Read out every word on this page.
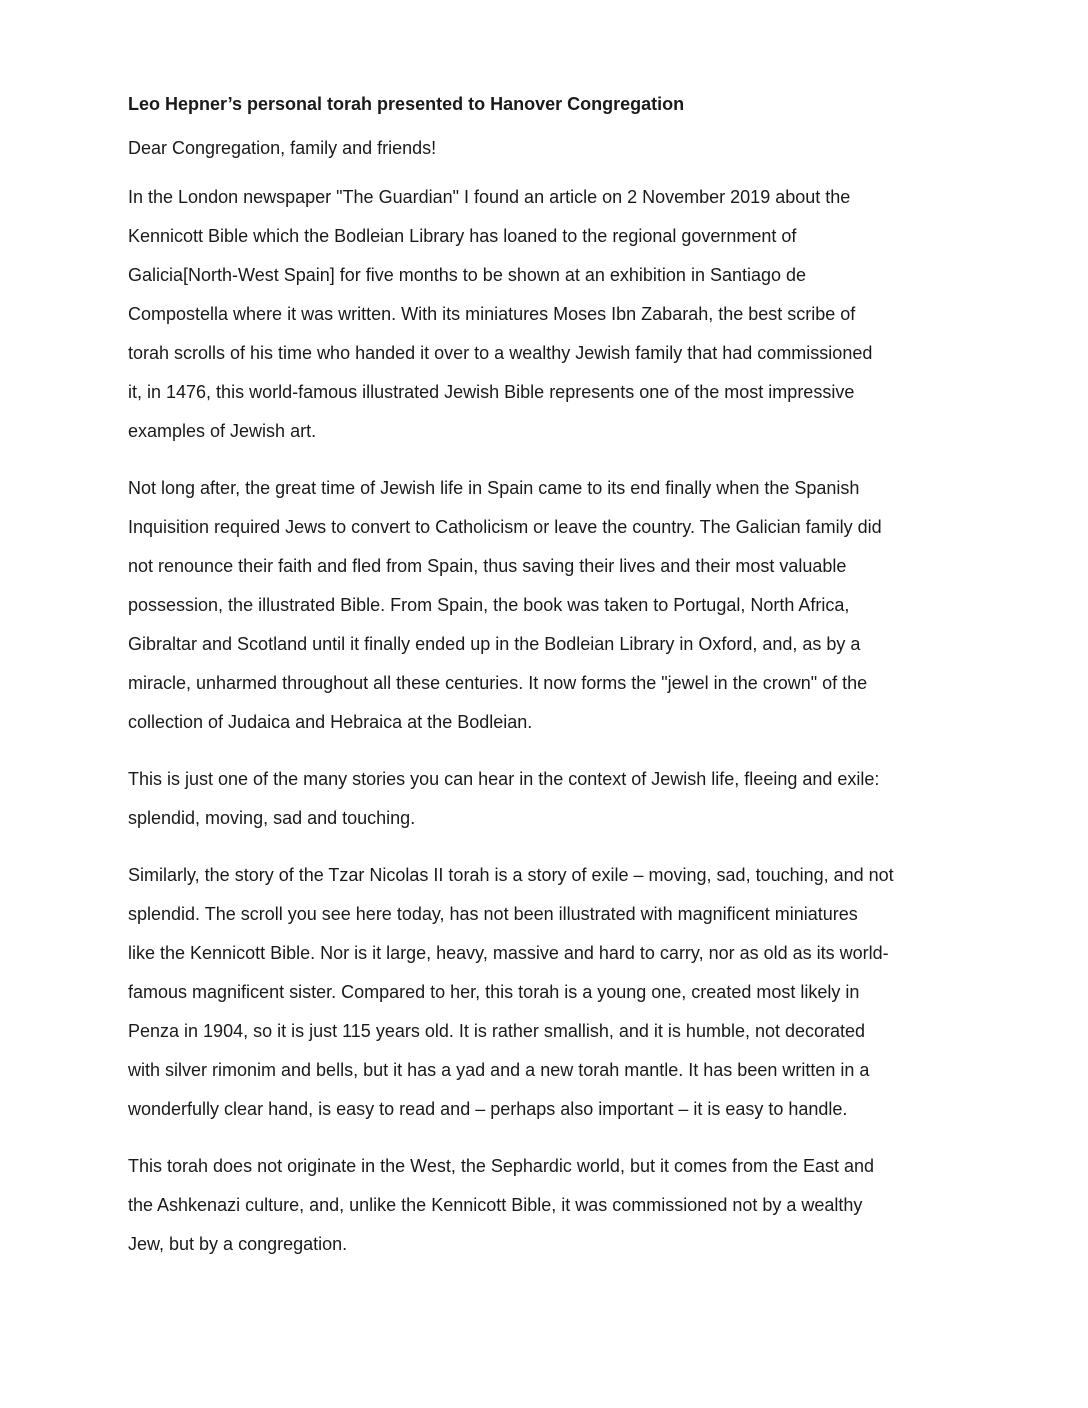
Leo Hepner’s personal torah presented to Hanover Congregation
Dear Congregation, family and friends!
In the London newspaper "The Guardian" I found an article on 2 November 2019 about the
Kennicott Bible which the Bodleian Library has loaned to the regional government of
Galicia[North-West Spain] for five months to be shown at an exhibition in Santiago de
Compostella where it was written. With its miniatures Moses Ibn Zabarah, the best scribe of
torah scrolls of his time who handed it over to a wealthy Jewish family that had commissioned
it, in 1476, this world-famous illustrated Jewish Bible represents one of the most impressive
examples of Jewish art.
Not long after, the great time of Jewish life in Spain came to its end finally when the Spanish
Inquisition required Jews to convert to Catholicism or leave the country. The Galician family did
not renounce their faith and fled from Spain, thus saving their lives and their most valuable
possession, the illustrated Bible. From Spain, the book was taken to Portugal, North Africa,
Gibraltar and Scotland until it finally ended up in the Bodleian Library in Oxford, and, as by a
miracle, unharmed throughout all these centuries. It now forms the "jewel in the crown" of the
collection of Judaica and Hebraica at the Bodleian.
This is just one of the many stories you can hear in the context of Jewish life, fleeing and exile:
splendid, moving, sad and touching.
Similarly, the story of the Tzar Nicolas II torah is a story of exile – moving, sad, touching, and not
splendid. The scroll you see here today, has not been illustrated with magnificent miniatures
like the Kennicott Bible. Nor is it large, heavy, massive and hard to carry, nor as old as its world-
famous magnificent sister. Compared to her, this torah is a young one, created most likely in
Penza in 1904, so it is just 115 years old. It is rather smallish, and it is humble, not decorated
with silver rimonim and bells, but it has a yad and a new torah mantle. It has been written in a
wonderfully clear hand, is easy to read and – perhaps also important – it is easy to handle.
This torah does not originate in the West, the Sephardic world, but it comes from the East and
the Ashkenazi culture, and, unlike the Kennicott Bible, it was commissioned not by a wealthy
Jew, but by a congregation.
